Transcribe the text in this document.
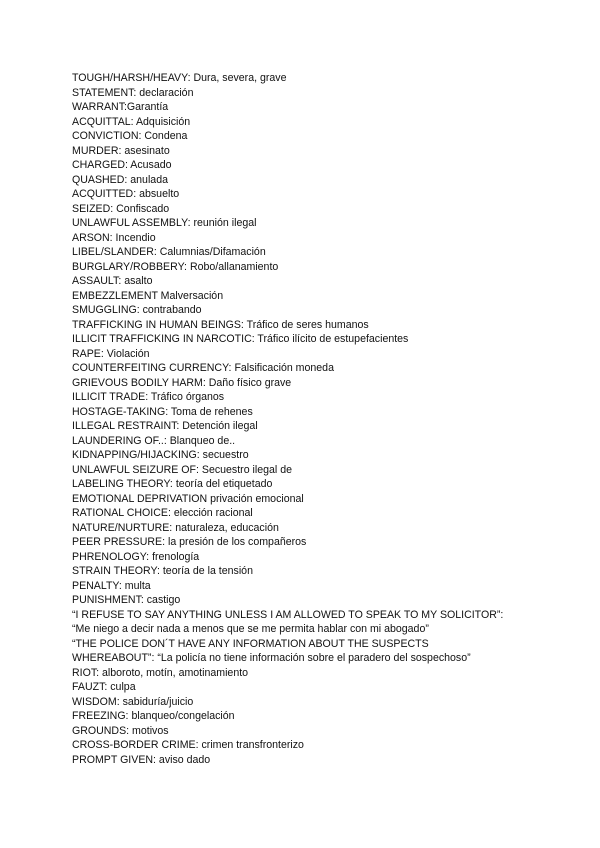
TOUGH/HARSH/HEAVY: Dura, severa, grave
STATEMENT: declaración
WARRANT:Garantía
ACQUITTAL: Adquisición
CONVICTION: Condena
MURDER: asesinato
CHARGED: Acusado
QUASHED: anulada
ACQUITTED: absuelto
SEIZED: Confiscado
UNLAWFUL ASSEMBLY: reunión ilegal
ARSON: Incendio
LIBEL/SLANDER: Calumnias/Difamación
BURGLARY/ROBBERY: Robo/allanamiento
ASSAULT: asalto
EMBEZZLEMENT Malversación
SMUGGLING: contrabando
TRAFFICKING IN HUMAN BEINGS: Tráfico de seres humanos
ILLICIT TRAFFICKING IN NARCOTIC: Tráfico ilícito de estupefacientes
RAPE: Violación
COUNTERFEITING CURRENCY: Falsificación moneda
GRIEVOUS BODILY HARM: Daño físico grave
ILLICIT TRADE: Tráfico órganos
HOSTAGE-TAKING: Toma de rehenes
ILLEGAL RESTRAINT: Detención ilegal
LAUNDERING OF..: Blanqueo de..
KIDNAPPING/HIJACKING: secuestro
UNLAWFUL SEIZURE OF: Secuestro ilegal de
LABELING THEORY: teoría del etiquetado
EMOTIONAL DEPRIVATION privación emocional
RATIONAL CHOICE: elección racional
NATURE/NURTURE: naturaleza, educación
PEER PRESSURE: la presión de los compañeros
PHRENOLOGY: frenología
STRAIN THEORY: teoría de la tensión
PENALTY: multa
PUNISHMENT: castigo
“I REFUSE TO SAY ANYTHING UNLESS I AM ALLOWED TO SPEAK TO MY SOLICITOR”:
“Me niego a decir nada a menos que se me permita hablar con mi abogado”
“THE POLICE DON´T HAVE ANY INFORMATION ABOUT THE SUSPECTS
WHEREABOUT”: “La policía no tiene información sobre el paradero del sospechoso”
RIOT: alboroto, motín, amotinamiento
FAUZT: culpa
WISDOM: sabiduría/juicio
FREEZING: blanqueo/congelación
GROUNDS: motivos
CROSS-BORDER CRIME: crimen transfronterizo
PROMPT GIVEN: aviso dado
